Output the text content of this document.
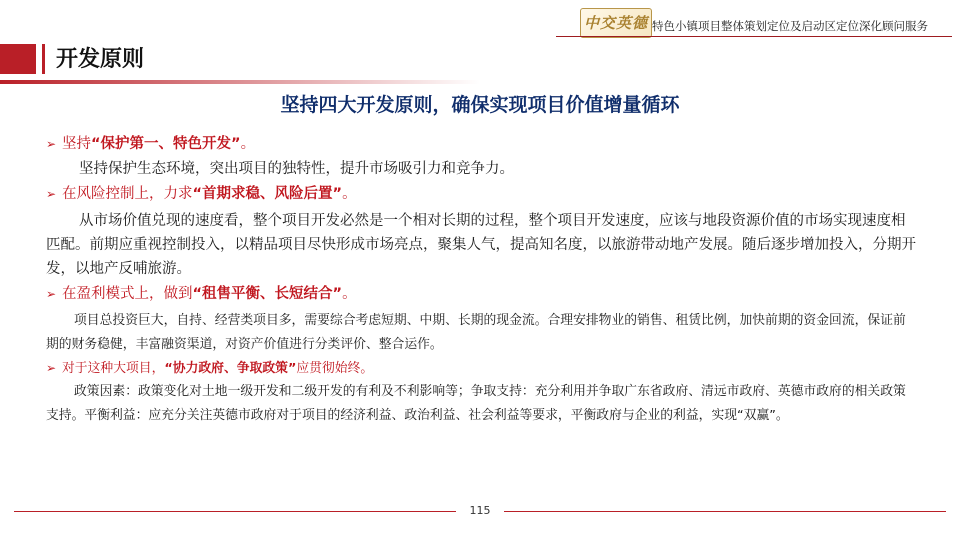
中交英德 特色小镇项目整体策划定位及启动区定位深化顾问服务
开发原则
坚持四大开发原则，确保实现项目价值增量循环

➢ 坚持“保护第一、特色开发”。

坚持保护生态环境，突出项目的独特性，提升市场吸引力和竞争力。

➢ 在风险控制上，力求“首期求稳、风险后置”。

从市场价值兑现的速度看，整个项目开发必然是一个相对长期的过程，整个项目开发速度，应该与地段资源价值的市场实现速度相匹配。前期应重视控制投入，以精品项目尽快形成市场亮点，聚集人气，提高知名度，以旅游带动地产发展。随后逐步增加投入，分期开发，以地产反哺旅游。

➢ 在盈利模式上，做到“租售平衡、长短结合”。

项目总投资巨大，自持、经营类项目多，需要综合考虑短期、中期、长期的现金流。合理安排物业的销售、租赁比例，加快前期的资金回流，保证前期的财务稳健，丰富融资渠道，对资产价值进行分类评价、整合运作。

➢ 对于这种大项目，“协力政府、争取政策”应贯彻始终。

政策因素：政策变化对土地一级开发和二级开发的有利及不利影响等；争取支持：充分利用并争取广东省政府、清远市政府、英德市政府的相关政策支持。平衡利益：应充分关注英德市政府对于项目的经济利益、政治利益、社会利益等要求，平衡政府与企业的利益，实现“双赢”。

115
